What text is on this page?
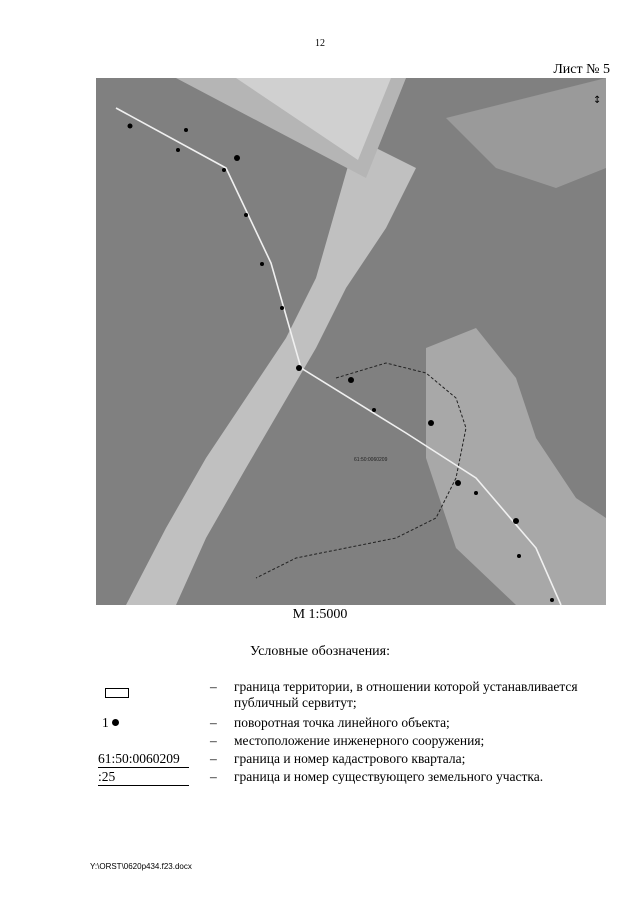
12
Лист № 5
↕
61:50:0060209
М 1:5000
Условные обозначения:
– граница территории, в отношении которой устанавливается публичный сервитут;
1	– поворотная точка линейного объекта;
– местоположение инженерного сооружения;
61:50:0060209	– граница и номер кадастрового квартала;
:25	– граница и номер существующего земельного участка.
Y:\ORST\0620p434.f23.docx
